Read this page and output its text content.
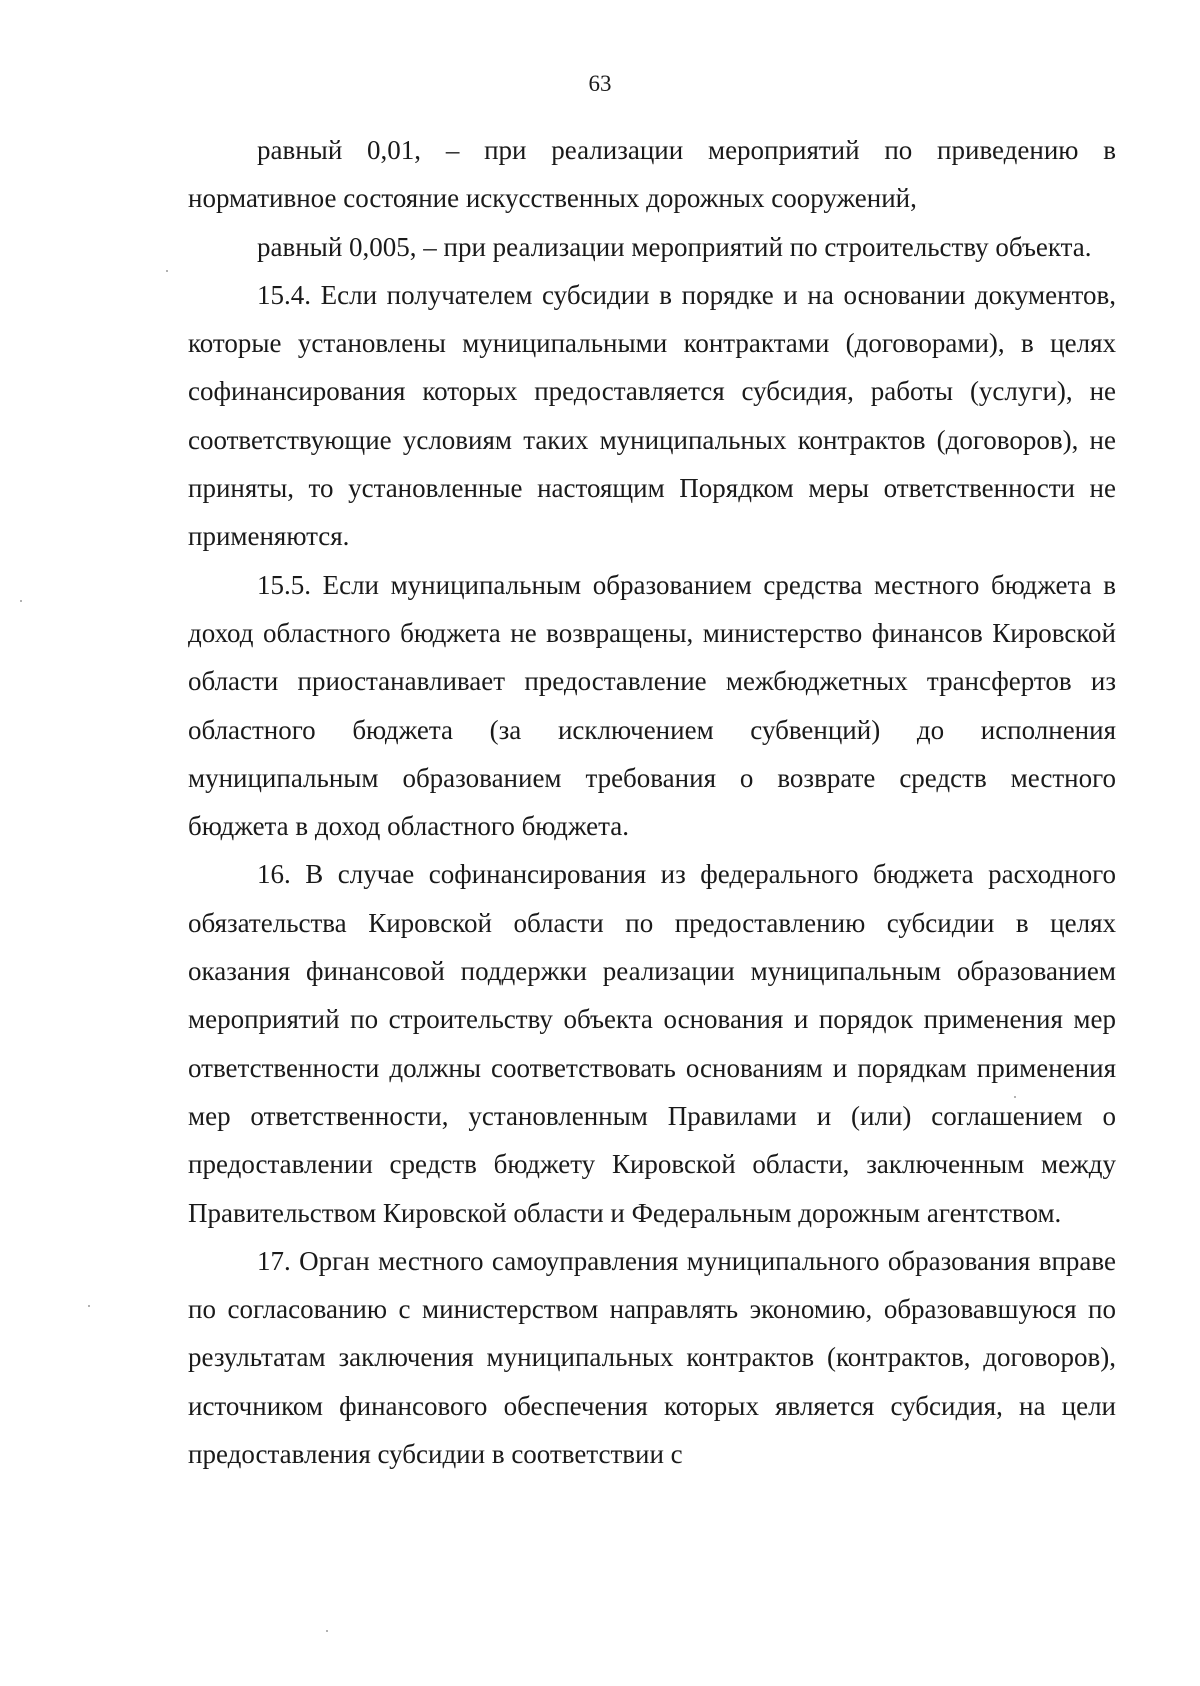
63

равный 0,01, – при реализации мероприятий по приведению в нормативное состояние искусственных дорожных сооружений,

равный 0,005, – при реализации мероприятий по строительству объекта.

15.4. Если получателем субсидии в порядке и на основании документов, которые установлены муниципальными контрактами (договорами), в целях софинансирования которых предоставляется субсидия, работы (услуги), не соответствующие условиям таких муниципальных контрактов (договоров), не приняты, то установленные настоящим Порядком меры ответственности не применяются.

15.5. Если муниципальным образованием средства местного бюджета в доход областного бюджета не возвращены, министерство финансов Кировской области приостанавливает предоставление межбюджетных трансфертов из областного бюджета (за исключением субвенций) до исполнения муниципальным образованием требования о возврате средств местного бюджета в доход областного бюджета.

16. В случае софинансирования из федерального бюджета расходного обязательства Кировской области по предоставлению субсидии в целях оказания финансовой поддержки реализации муниципальным образованием мероприятий по строительству объекта основания и порядок применения мер ответственности должны соответствовать основаниям и порядкам применения мер ответственности, установленным Правилами и (или) соглашением о предоставлении средств бюджету Кировской области, заключенным между Правительством Кировской области и Федеральным дорожным агентством.

17. Орган местного самоуправления муниципального образования вправе по согласованию с министерством направлять экономию, образовавшуюся по результатам заключения муниципальных контрактов (контрактов, договоров), источником финансового обеспечения которых является субсидия, на цели предоставления субсидии в соответствии с
